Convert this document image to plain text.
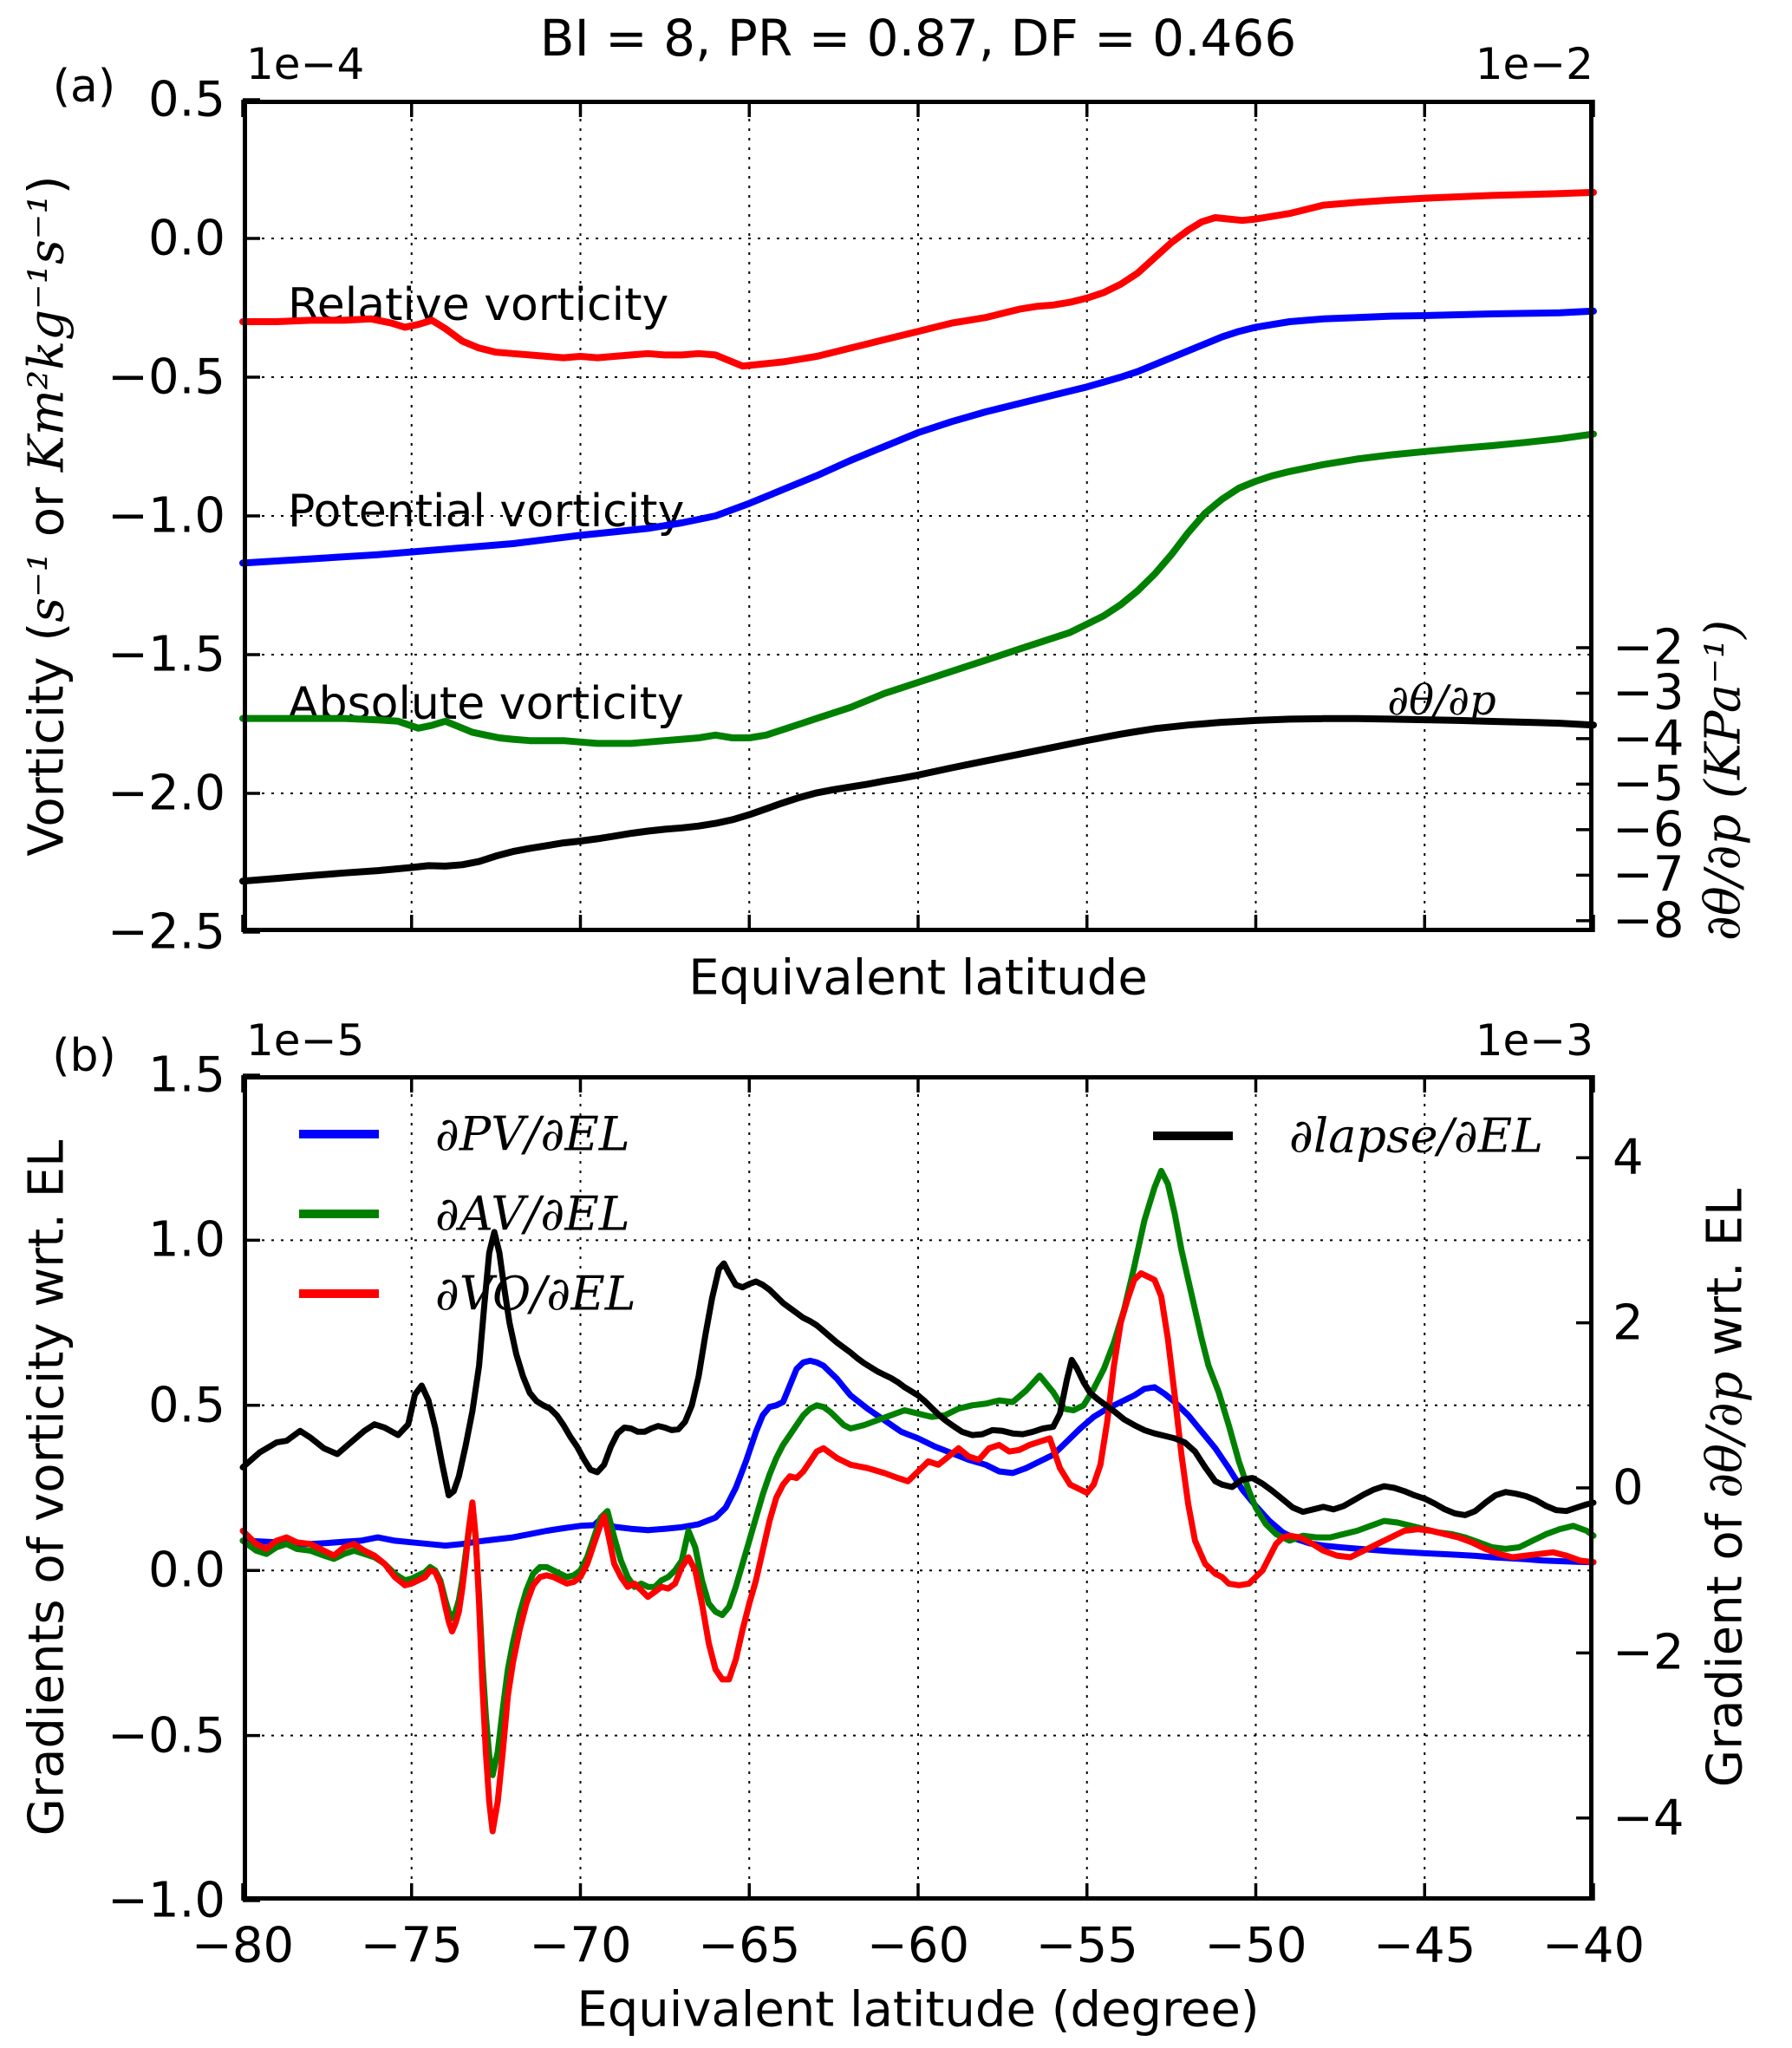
BI = 8, PR = 0.87, DF = 0.466
(a)	1e−4	1e−2
(b)	1e−5	1e−3
Vorticity (s⁻¹ or Km²kg⁻¹s⁻¹)
∂θ/∂p (KPa⁻¹)
Equivalent latitude
Gradients of vorticity wrt. EL	Gradient of ∂θ/∂p wrt. EL
Equivalent latitude (degree)
Relative vorticity
Potential vorticity
Absolute vorticity	∂θ/∂p
∂PV/∂EL
∂AV/∂EL
∂VO/∂EL
∂lapse/∂EL
0.5
0.0
−0.5
−1.0
−1.5
−2.0
−2.5
−2
−3
−4
−5
−6
−7
−8
1.5
1.0
0.5
0.0
−0.5
−1.0
4
2
0
−2
−4
−80 −75 −70 −65 −60 −55 −50 −45 −40
